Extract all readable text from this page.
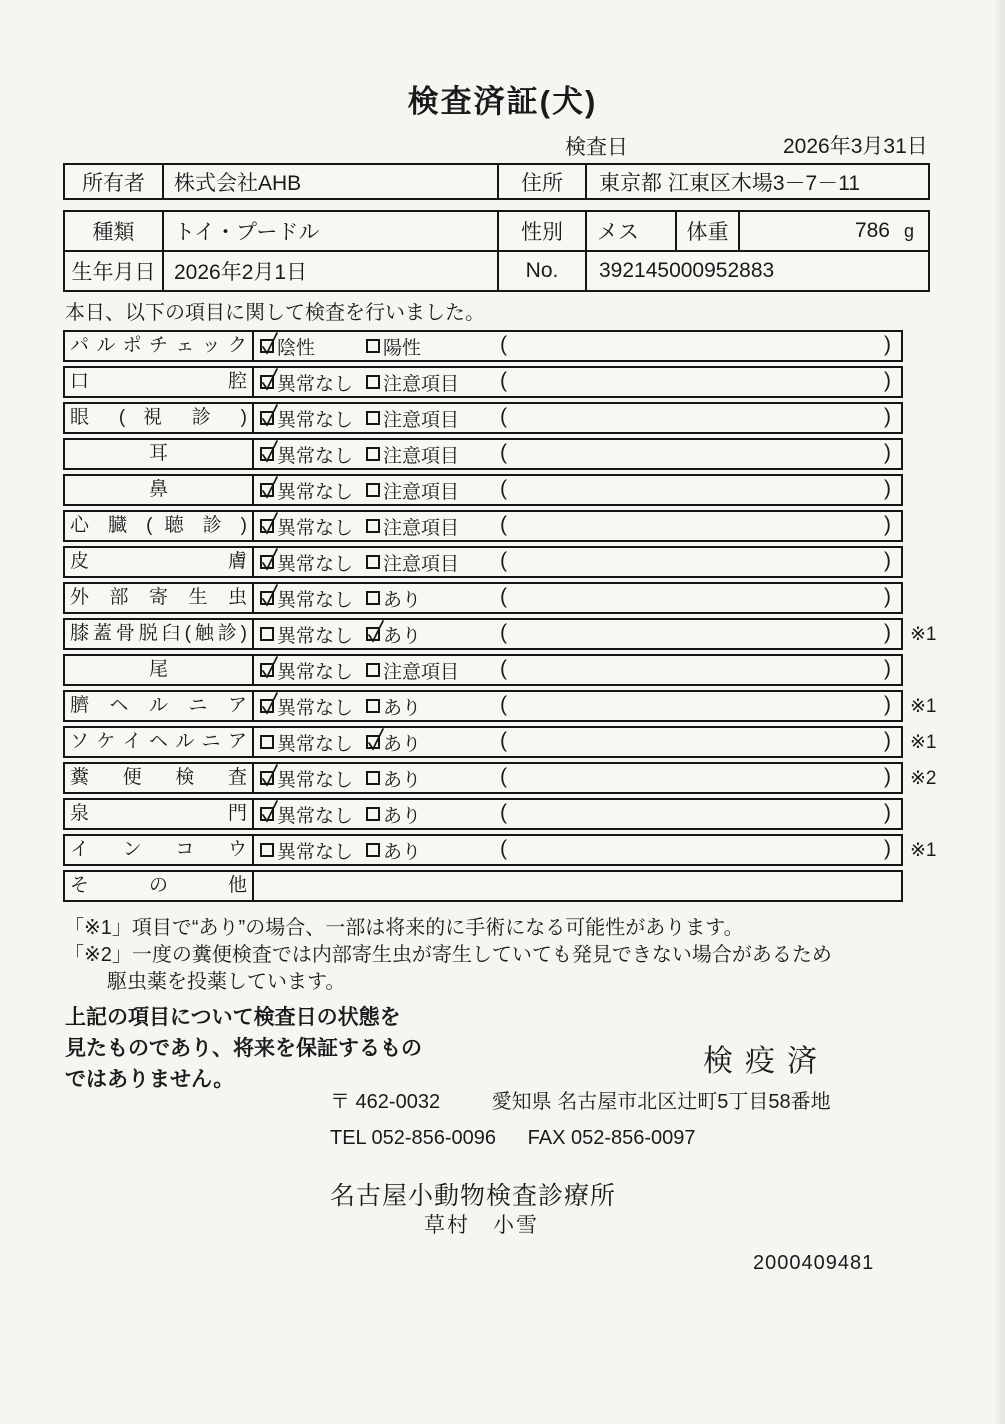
検査済証(犬)
検査日	2026年3月31日
所有者	株式会社AHB	住所	東京都 江東区木場3－7－11
種類	トイ・プードル	性別	メス	体重	786 g
生年月日 2026年2月1日	No.	392145000952883
本日、以下の項目に関して検査を行いました。
パ ル ポ チ ェ ッ ク	陰性	陽性	(	)
口 腔	異常なし 注意項目 (	)
眼 ( 視 診 )	異常なし 注意項目 (	)
耳	異常なし 注意項目 (	)
鼻	異常なし 注意項目 (	)
心 臓 ( 聴 診 )	異常なし 注意項目 (	)
皮 膚	異常なし 注意項目 (	)
外 部 寄 生 虫	異常なし あり	(	)
膝蓋骨脱臼(触診)	異常なし あり	(	) ※1
尾	異常なし 注意項目 (	)
臍 ヘ ル ニ ア	異常なし あり	(	) ※1
ソ ケ イ ヘ ル ニ ア	異常なし あり	(	) ※1
糞 便 検 査	異常なし あり	(	) ※2
泉 門	異常なし あり	(	)
イ ン コ ウ	異常なし あり	(	) ※1
そ の 他
「※1」項目で“あり”の場合、一部は将来的に手術になる可能性があります。
「※2」一度の糞便検査では内部寄生虫が寄生していても発見できない場合があるため
駆虫薬を投薬しています。
上記の項目について検査日の状態を
見たものであり、将来を保証するもの
ではありません。
検疫済
〒 462-0032	愛知県 名古屋市北区辻町5丁目58番地
TEL 052-856-0096 FAX 052-856-0097
名古屋小動物検査診療所
草村　小雪
2000409481
